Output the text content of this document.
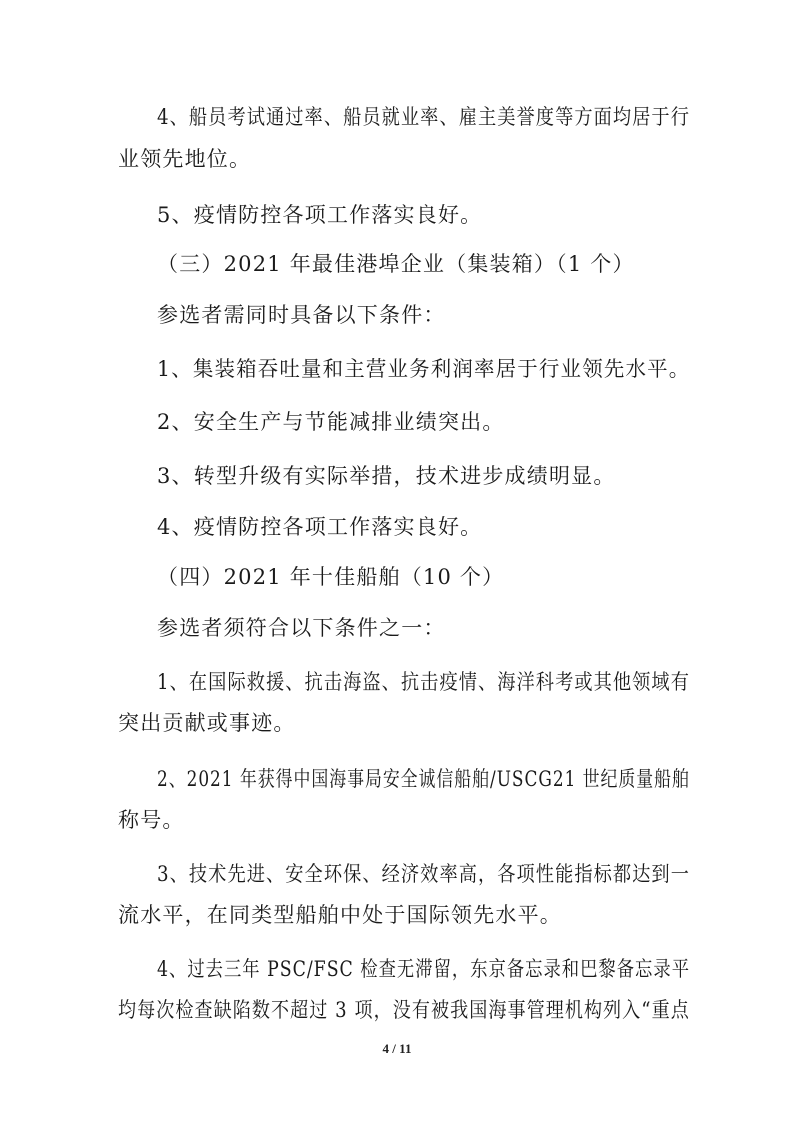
4、船员考试通过率、船员就业率、雇主美誉度等方面均居于行
业领先地位。
5、疫情防控各项工作落实良好。
（三）2021 年最佳港埠企业（集装箱）（1 个）
参选者需同时具备以下条件：
1、集装箱吞吐量和主营业务利润率居于行业领先水平。
2、安全生产与节能减排业绩突出。
3、转型升级有实际举措，技术进步成绩明显。
4、疫情防控各项工作落实良好。
（四）2021 年十佳船舶（10 个）
参选者须符合以下条件之一：
1、在国际救援、抗击海盗、抗击疫情、海洋科考或其他领域有
突出贡献或事迹。
2、2021 年获得中国海事局安全诚信船舶/USCG21 世纪质量船舶
称号。
3、技术先进、安全环保、经济效率高，各项性能指标都达到一
流水平，在同类型船舶中处于国际领先水平。
4、过去三年 PSC/FSC 检查无滞留，东京备忘录和巴黎备忘录平
均每次检查缺陷数不超过 3 项，没有被我国海事管理机构列入“重点
4 / 11
